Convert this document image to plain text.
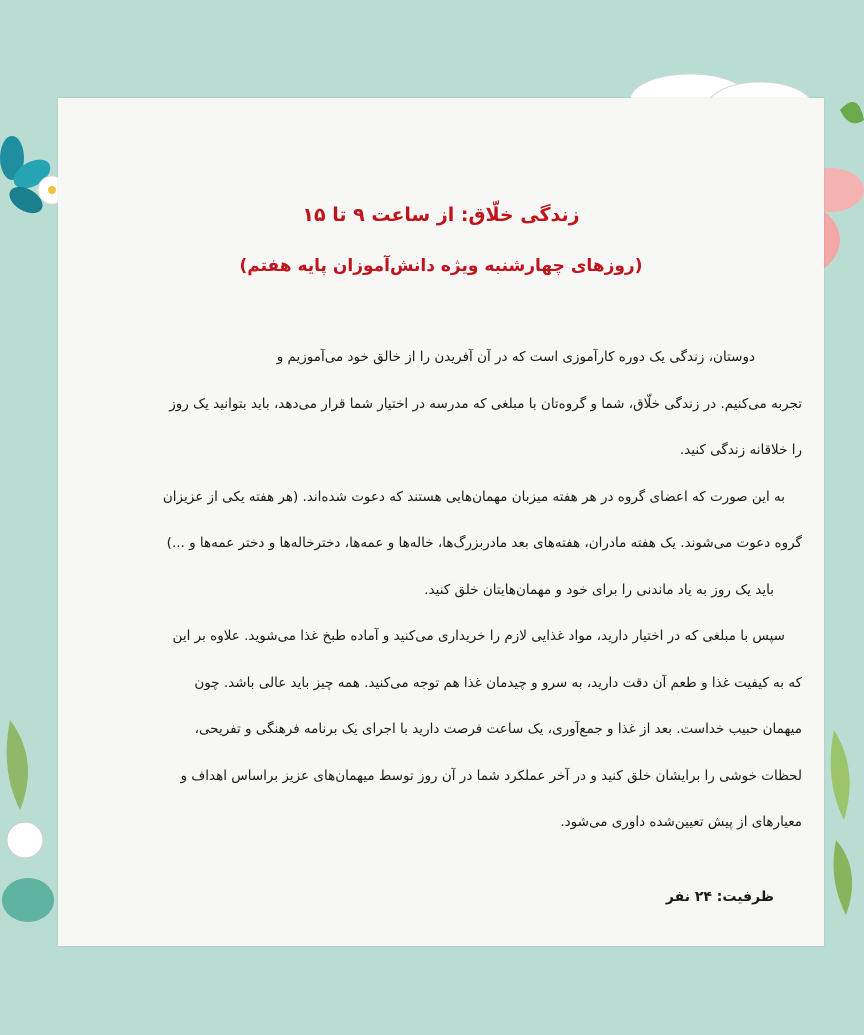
زندگی خلّاق: از ساعت ۹ تا ۱۵
(روزهای چهارشنبه ویژه دانش‌آموزان پایه هفتم)
دوستان، زندگی یک دوره کارآموزی است که در آن آفریدن را از خالق خود می‌آموزیم و
تجربه می‌کنیم. در زندگی خلّاق، شما و گروه‌تان با مبلغی که مدرسه در اختیار شما قرار می‌دهد، باید بتوانید یک روز
را خلاقانه زندگی کنید.
به این صورت که اعضای گروه در هر هفته میزبان مهمان‌هایی هستند که دعوت شده‌اند. (هر هفته یکی از عزیزان
گروه دعوت می‌شوند. یک هفته مادران، هفته‌های بعد مادربزرگ‌ها، خاله‌ها و عمه‌ها، دخترخاله‌ها و دختر عمه‌ها و ...)
باید یک روز به یاد ماندنی را برای خود و مهمان‌هایتان خلق کنید.
سپس با مبلغی که در اختیار دارید، مواد غذایی لازم را خریداری می‌کنید و آماده طبخ غذا می‌شوید. علاوه بر این
که به کیفیت غذا و طعم آن دقت دارید، به سرو و چیدمان غذا هم توجه می‌کنید. همه چیز باید عالی باشد. چون
میهمان حبیب خداست. بعد از غذا و جمع‌آوری، یک ساعت فرصت دارید با اجرای یک برنامه فرهنگی و تفریحی،
لحظات خوشی را برایشان خلق کنید و در آخر عملکرد شما در آن روز توسط میهمان‌های عزیز براساس اهداف و
معیارهای از پیش تعیین‌شده داوری می‌شود.
ظرفیت: ۲۴ نفر
